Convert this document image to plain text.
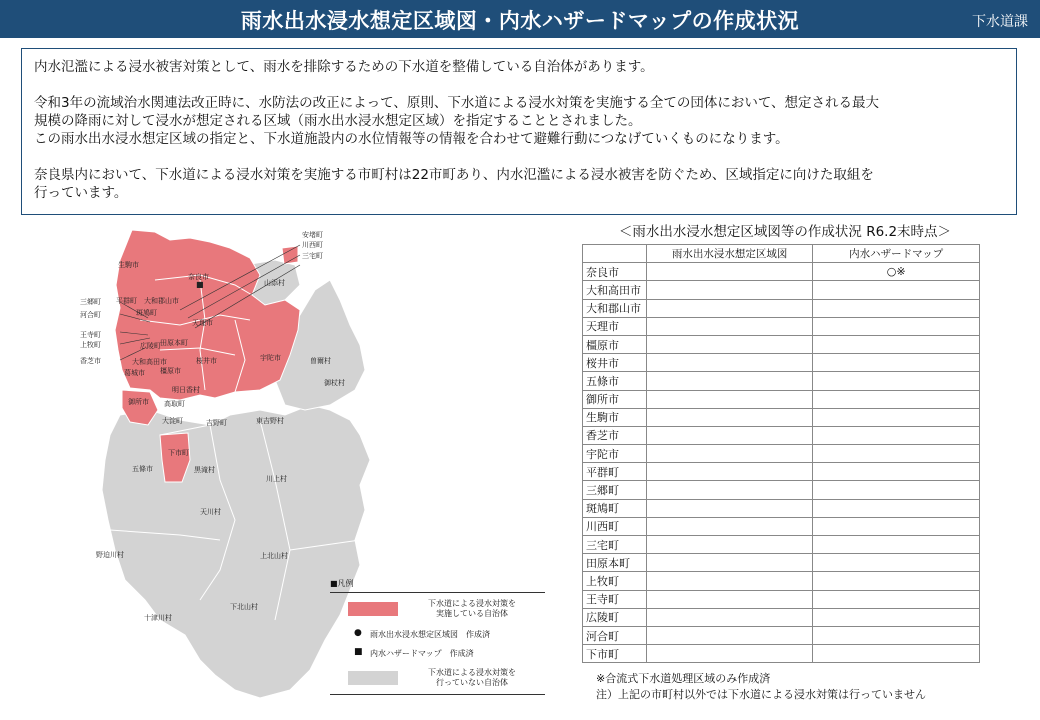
雨水出水浸水想定区域図・内水ハザードマップの作成状況	下水道課

内水氾濫による浸水被害対策として、雨水を排除するための下水道を整備している自治体があります。

令和3年の流域治水関連法改正時に、水防法の改正によって、原則、下水道による浸水対策を実施する全ての団体において、想定される最大

規模の降雨に対して浸水が想定される区域（雨水出水浸水想定区域）を指定することとされました。

この雨水出水浸水想定区域の指定と、下水道施設内の水位情報等の情報を合わせて避難行動につなげていくものになります。

奈良県内において、下水道による浸水対策を実施する市町村は22市町あり、内水氾濫による浸水被害を防ぐため、区域指定に向けた取組を

行っています。

生駒市
奈良市
■	山添村
平群町 大和郡山市
斑鳩町
天理市
田原本町
広陵町
大和高田市
葛城市 橿原市
桜井市	宇陀市	曽爾村
御杖村
明日香村
御所市 高取町
大淀町	吉野町	東吉野村
五條市
下市町
黒滝村
川上村
天川村
野迫川村	上北山村
十津川村
下北山村
安堵町
川西町
三宅町
三郷町
河合町
王寺町
上牧町
香芝市
■凡例
下水道による浸水対策を
実施している自治体
● 雨水出水浸水想定区域図　作成済
■ 内水ハザードマップ　作成済
下水道による浸水対策を
行っていない自治体
＜雨水出水浸水想定区域図等の作成状況 R6.2末時点＞
	雨水出水浸水想定区域図	内水ハザードマップ
奈良市		○※
大和高田市		
大和郡山市		
天理市		
橿原市		
桜井市		
五條市		
御所市		
生駒市		
香芝市		
宇陀市		
平群町		
三郷町		
斑鳩町		
川西町		
三宅町		
田原本町		
上牧町		
王寺町		
広陵町		
河合町		
下市町		
※合流式下水道処理区域のみ作成済
注）上記の市町村以外では下水道による浸水対策は行っていません
